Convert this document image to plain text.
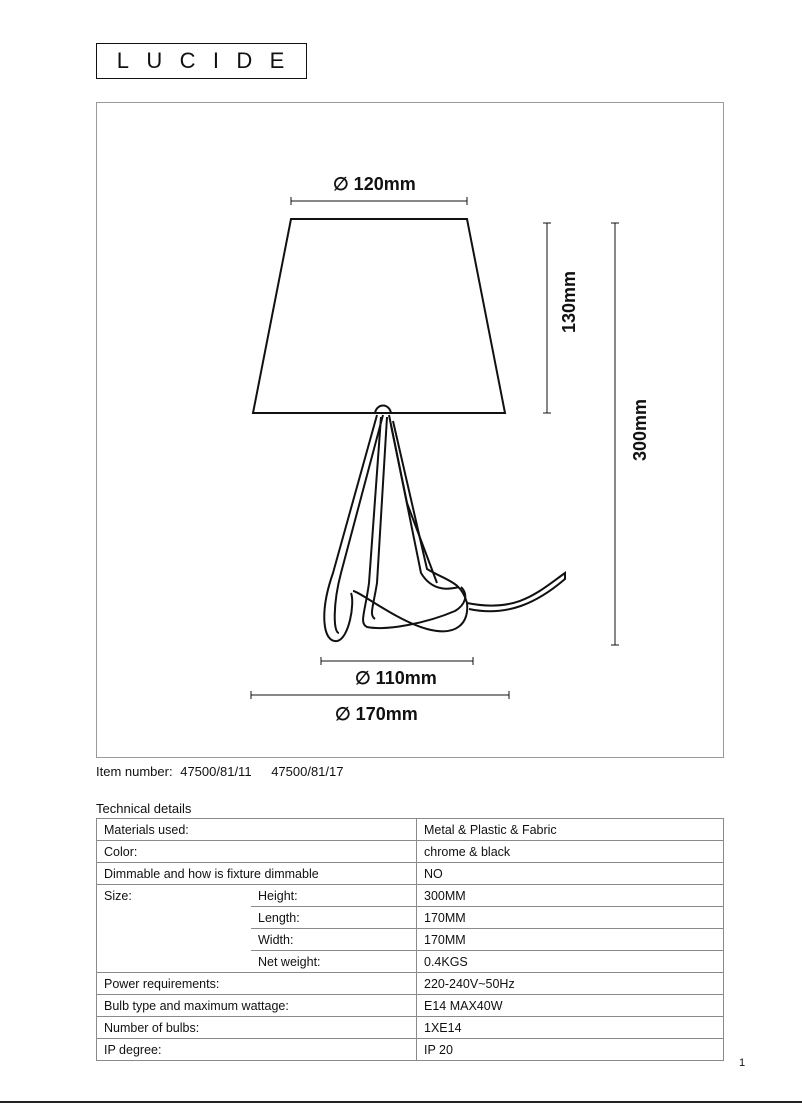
L U C I D E
∅ 120mm
130mm
300mm
∅ 110mm
∅ 170mm
Item number: 47500/81/11 47500/81/17
Technical details
Materials used:		Metal & Plastic & Fabric
Color:		chrome & black
Dimmable and how is fixture dimmable		NO
Size:	Height:	300MM
	Length:	170MM
	Width:	170MM
	Net weight:	0.4KGS
Power requirements:		220-240V~50Hz
Bulb type and maximum wattage:		E14 MAX40W
Number of bulbs:		1XE14
IP degree:		IP 20
1
